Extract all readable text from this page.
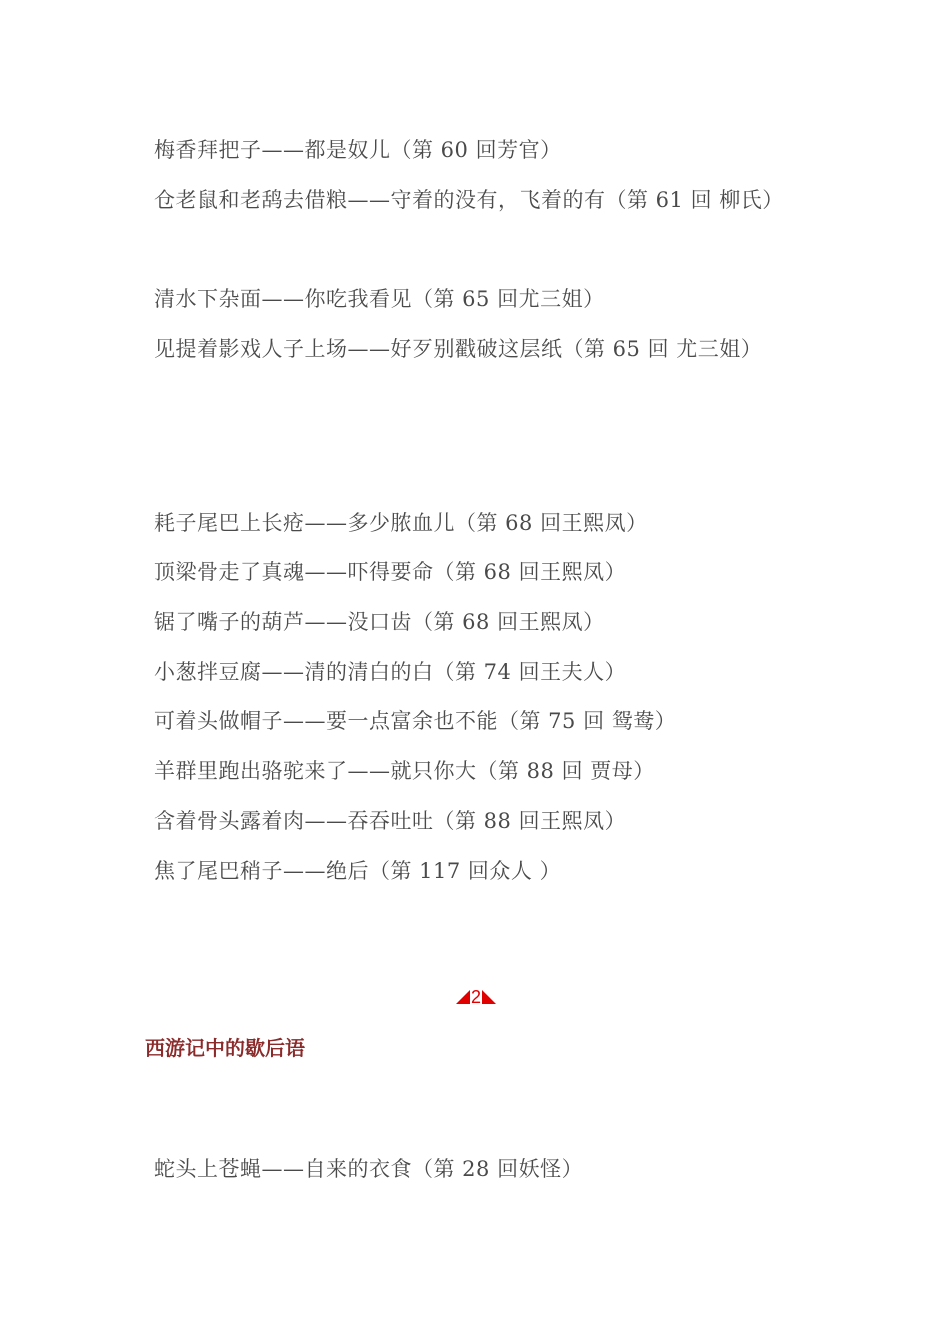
梅香拜把子——都是奴儿（第 60 回芳官）
仓老鼠和老鸹去借粮——守着的没有，飞着的有（第 61 回 柳氏）
清水下杂面——你吃我看见（第 65 回尤三姐）
见提着影戏人子上场——好歹别戳破这层纸（第 65 回 尤三姐）
耗子尾巴上长疮——多少脓血儿（第 68 回王熙凤）
顶梁骨走了真魂——吓得要命（第 68 回王熙凤）
锯了嘴子的葫芦——没口齿（第 68 回王熙凤）
小葱拌豆腐——清的清白的白（第 74 回王夫人）
可着头做帽子——要一点富余也不能（第 75 回 鸳鸯）
羊群里跑出骆驼来了——就只你大（第 88 回 贾母）
含着骨头露着肉——吞吞吐吐（第 88 回王熙凤）
焦了尾巴稍子——绝后（第 117 回众人 ）
2
西游记中的歇后语
蛇头上苍蝇——自来的衣食（第 28 回妖怪）
